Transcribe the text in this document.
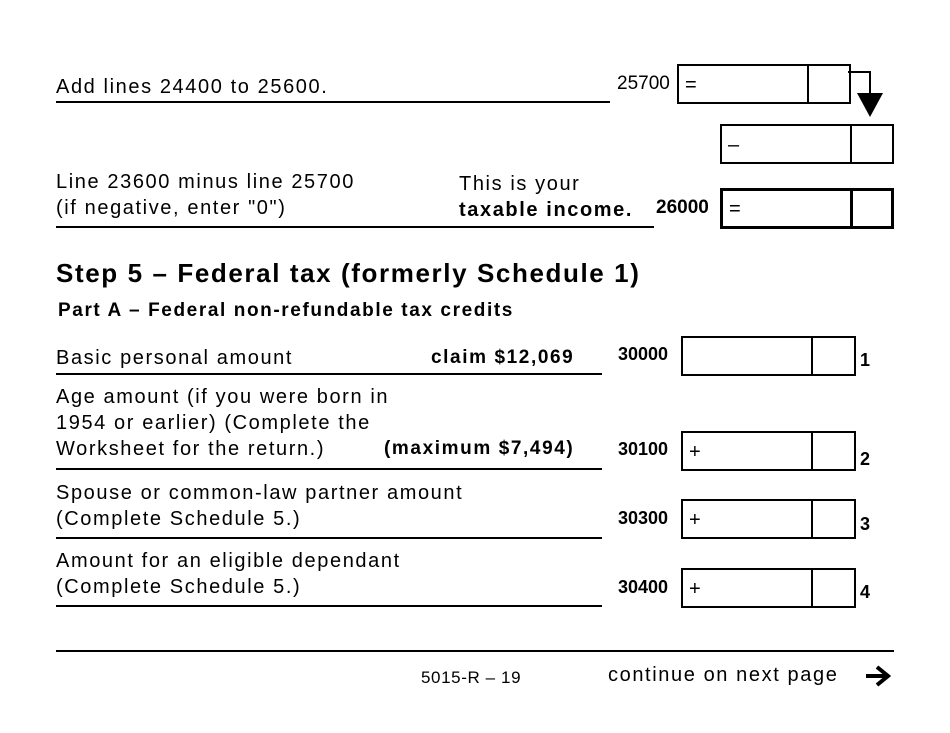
Add lines 24400 to 25600.	25700 =
–
Line 23600 minus line 25700
(if negative, enter "0")
This is your
taxable income. 26000 =
Step 5 – Federal tax (formerly Schedule 1)
Part A – Federal non-refundable tax credits
Basic personal amount	claim $12,069 30000	1
Age amount (if you were born in
1954 or earlier) (Complete the
Worksheet for the return.)	(maximum $7,494) 30100 +	2
Spouse or common-law partner amount
(Complete Schedule 5.)	30300 +	3
Amount for an eligible dependant
(Complete Schedule 5.)	30400 +	4
5015-R – 19	continue on next page
